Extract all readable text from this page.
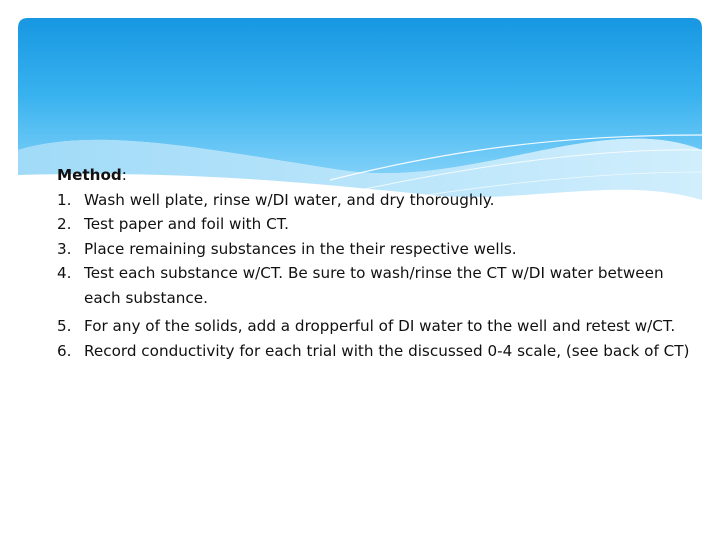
Method:

1. Wash well plate, rinse w/DI water, and dry thoroughly.
2. Test paper and foil with CT.
3. Place remaining substances in the their respective wells.
4. Test each substance w/CT. Be sure to wash/rinse the CT w/DI water between each substance.
5. For any of the solids, add a dropperful of DI water to the well and retest w/CT.
6. Record conductivity for each trial with the discussed 0-4 scale, (see back of CT)
